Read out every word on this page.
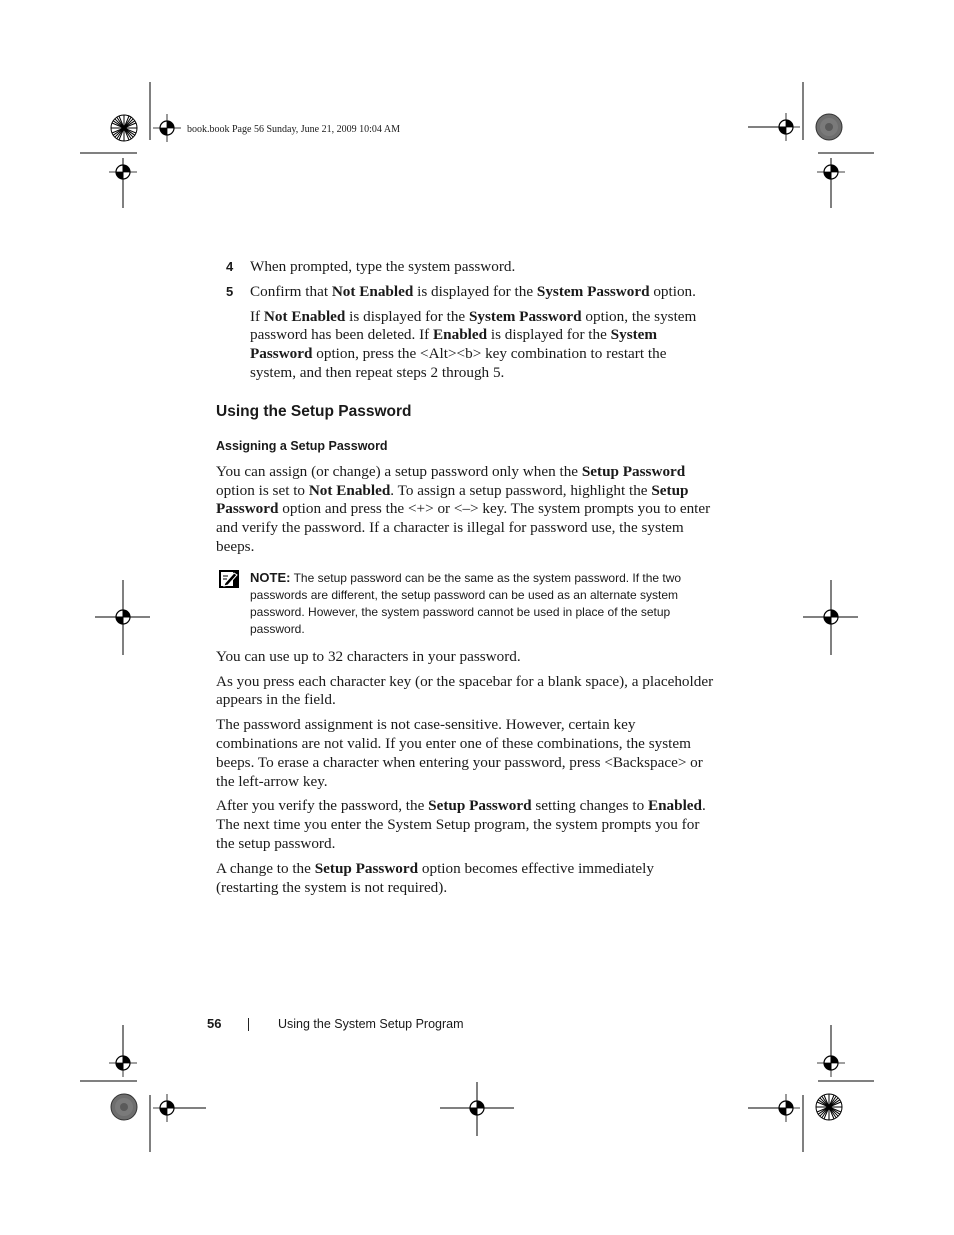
book.book Page 56 Sunday, June 21, 2009 10:04 AM
4 When prompted, type the system password.
5 Confirm that Not Enabled is displayed for the System Password option.

If Not Enabled is displayed for the System Password option, the system password has been deleted. If Enabled is displayed for the System Password option, press the <Alt><b> key combination to restart the system, and then repeat steps 2 through 5.

Using the Setup Password
Assigning a Setup Password

You can assign (or change) a setup password only when the Setup Password option is set to Not Enabled. To assign a setup password, highlight the Setup Password option and press the <+> or <–> key. The system prompts you to enter and verify the password. If a character is illegal for password use, the system beeps.

NOTE: The setup password can be the same as the system password. If the two passwords are different, the setup password can be used as an alternate system password. However, the system password cannot be used in place of the setup password.

You can use up to 32 characters in your password.

As you press each character key (or the spacebar for a blank space), a placeholder appears in the field.

The password assignment is not case-sensitive. However, certain key combinations are not valid. If you enter one of these combinations, the system beeps. To erase a character when entering your password, press <Backspace> or the left-arrow key.

After you verify the password, the Setup Password setting changes to Enabled. The next time you enter the System Setup program, the system prompts you for the setup password.

A change to the Setup Password option becomes effective immediately (restarting the system is not required).

56	Using the System Setup Program
